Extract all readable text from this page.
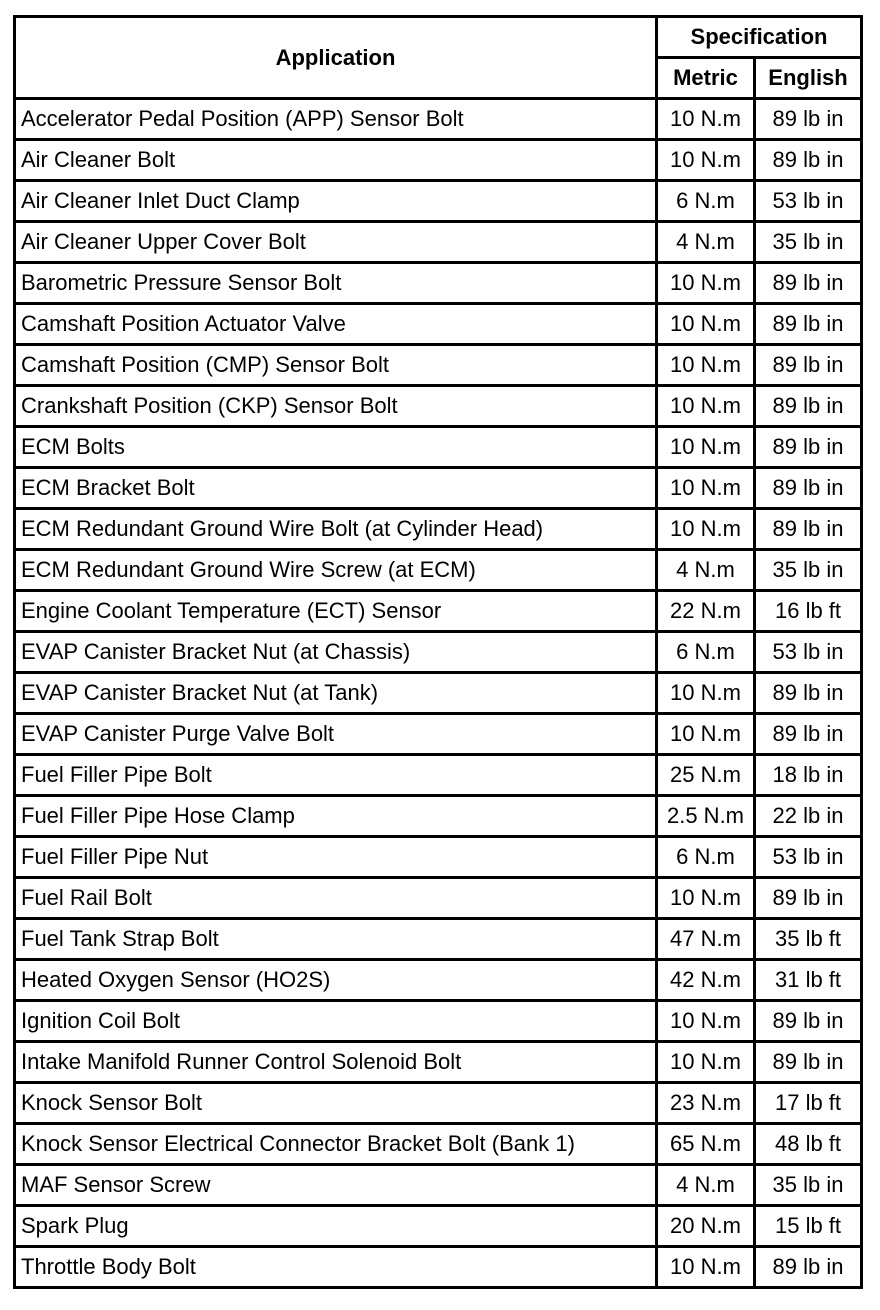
Application	Specification	
	Metric	English
Accelerator Pedal Position (APP) Sensor Bolt	10 N.m	89 lb in
Air Cleaner Bolt	10 N.m	89 lb in
Air Cleaner Inlet Duct Clamp	6 N.m	53 lb in
Air Cleaner Upper Cover Bolt	4 N.m	35 lb in
Barometric Pressure Sensor Bolt	10 N.m	89 lb in
Camshaft Position Actuator Valve	10 N.m	89 lb in
Camshaft Position (CMP) Sensor Bolt	10 N.m	89 lb in
Crankshaft Position (CKP) Sensor Bolt	10 N.m	89 lb in
ECM Bolts	10 N.m	89 lb in
ECM Bracket Bolt	10 N.m	89 lb in
ECM Redundant Ground Wire Bolt (at Cylinder Head)	10 N.m	89 lb in
ECM Redundant Ground Wire Screw (at ECM)	4 N.m	35 lb in
Engine Coolant Temperature (ECT) Sensor	22 N.m	16 lb ft
EVAP Canister Bracket Nut (at Chassis)	6 N.m	53 lb in
EVAP Canister Bracket Nut (at Tank)	10 N.m	89 lb in
EVAP Canister Purge Valve Bolt	10 N.m	89 lb in
Fuel Filler Pipe Bolt	25 N.m	18 lb in
Fuel Filler Pipe Hose Clamp	2.5 N.m	22 lb in
Fuel Filler Pipe Nut	6 N.m	53 lb in
Fuel Rail Bolt	10 N.m	89 lb in
Fuel Tank Strap Bolt	47 N.m	35 lb ft
Heated Oxygen Sensor (HO2S)	42 N.m	31 lb ft
Ignition Coil Bolt	10 N.m	89 lb in
Intake Manifold Runner Control Solenoid Bolt	10 N.m	89 lb in
Knock Sensor Bolt	23 N.m	17 lb ft
Knock Sensor Electrical Connector Bracket Bolt (Bank 1)	65 N.m	48 lb ft
MAF Sensor Screw	4 N.m	35 lb in
Spark Plug	20 N.m	15 lb ft
Throttle Body Bolt	10 N.m	89 lb in
